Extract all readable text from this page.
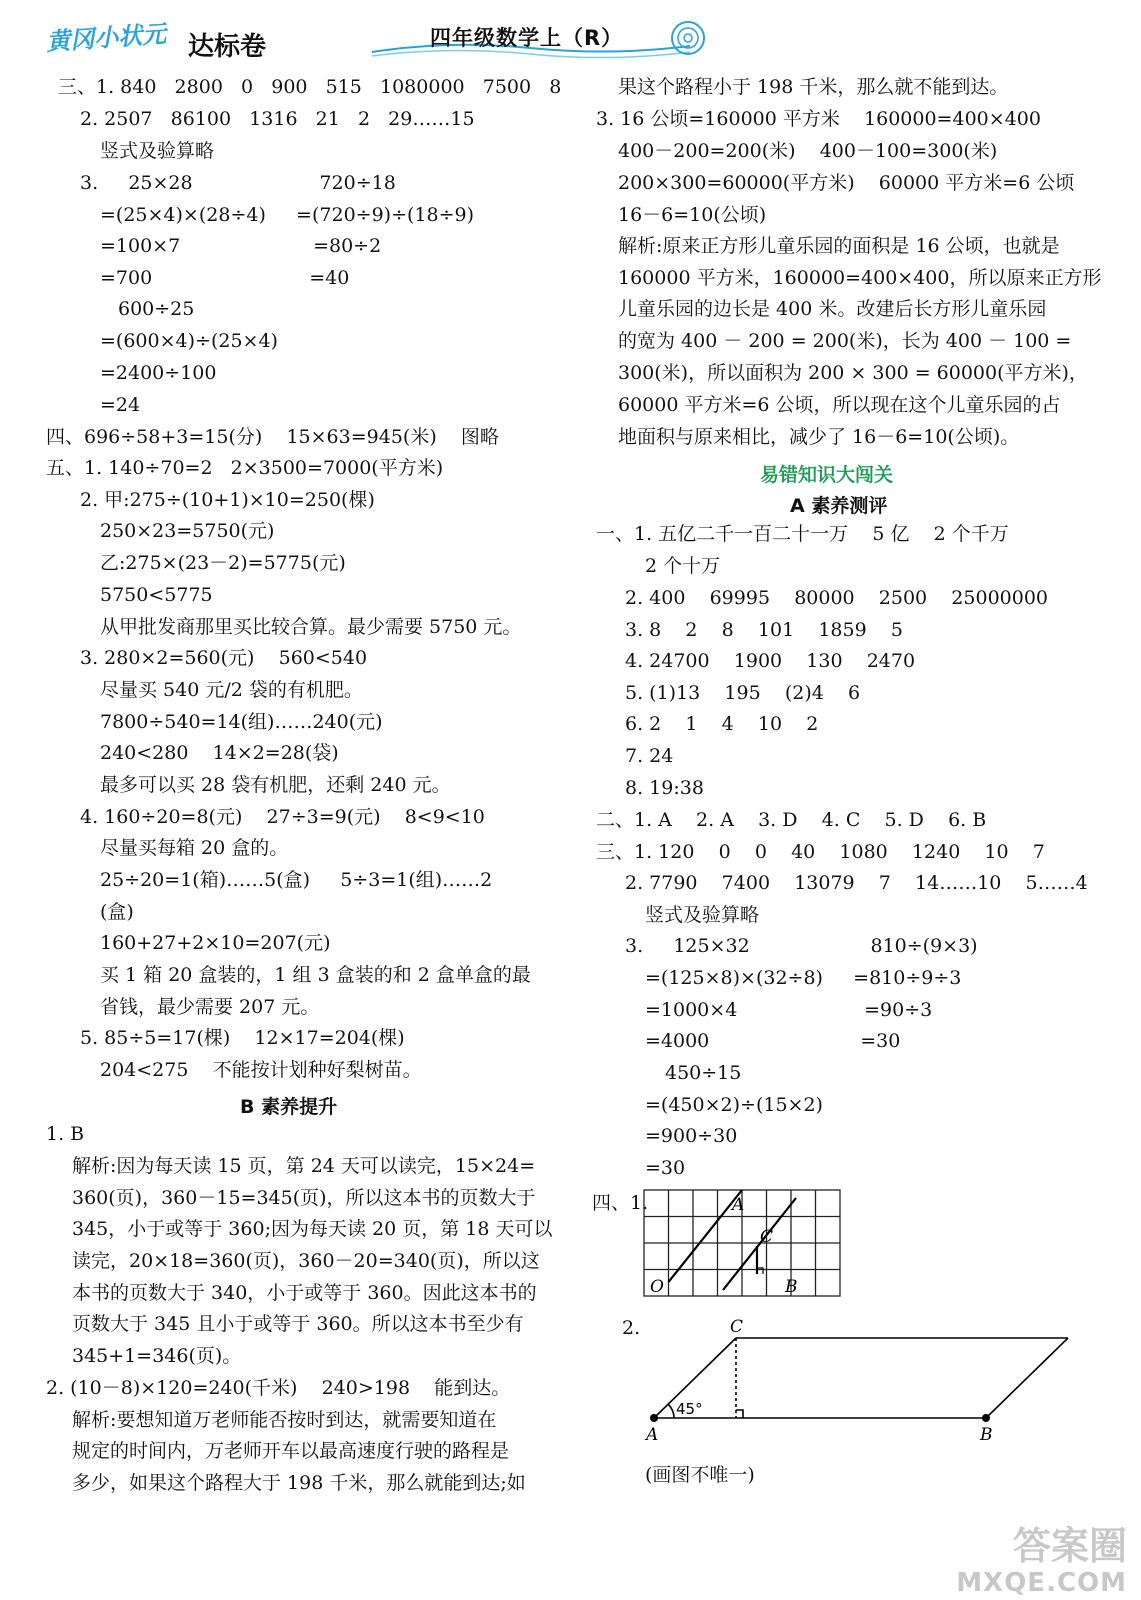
黄冈小状元 达标卷	四年级数学上（R）
三、1. 840   2800   0   900   515   1080000   7500   8
2. 2507   86100   1316   21   2   29……15
竖式及验算略
3.     25×28                     720÷18
=(25×4)×(28÷4)     =(720÷9)÷(18÷9)
=100×7                      =80÷2
=700                          =40
600÷25
=(600×4)÷(25×4)
=2400÷100
=24
四、696÷58+3=15(分)    15×63=945(米)    图略
五、1. 140÷70=2   2×3500=7000(平方米)
2. 甲:275÷(10+1)×10=250(棵)
250×23=5750(元)
乙:275×(23－2)=5775(元)
5750<5775
从甲批发商那里买比较合算。最少需要 5750 元。
3. 280×2=560(元)    560<540
尽量买 540 元/2 袋的有机肥。
7800÷540=14(组)……240(元)
240<280    14×2=28(袋)
最多可以买 28 袋有机肥，还剩 240 元。
4. 160÷20=8(元)    27÷3=9(元)    8<9<10
尽量买每箱 20 盒的。
25÷20=1(箱)……5(盒)     5÷3=1(组)……2
(盒)
160+27+2×10=207(元)
买 1 箱 20 盒装的，1 组 3 盒装的和 2 盒单盒的最
省钱，最少需要 207 元。
5. 85÷5=17(棵)    12×17=204(棵)
204<275    不能按计划种好梨树苗。
B 素养提升
1. B
解析:因为每天读 15 页，第 24 天可以读完，15×24=
360(页)，360－15=345(页)，所以这本书的页数大于
345，小于或等于 360;因为每天读 20 页，第 18 天可以
读完，20×18=360(页)，360－20=340(页)，所以这
本书的页数大于 340，小于或等于 360。因此这本书的
页数大于 345 且小于或等于 360。所以这本书至少有
345+1=346(页)。
2. (10－8)×120=240(千米)    240>198    能到达。
解析:要想知道万老师能否按时到达，就需要知道在
规定的时间内，万老师开车以最高速度行驶的路程是
多少，如果这个路程大于 198 千米，那么就能到达;如
果这个路程小于 198 千米，那么就不能到达。
3. 16 公顷=160000 平方米    160000=400×400
400－200=200(米)    400－100=300(米)
200×300=60000(平方米)    60000 平方米=6 公顷
16－6=10(公顷)
解析:原来正方形儿童乐园的面积是 16 公顷，也就是
160000 平方米，160000=400×400，所以原来正方形
儿童乐园的边长是 400 米。改建后长方形儿童乐园
的宽为 400 － 200 = 200(米)，长为 400 － 100 =
300(米)，所以面积为 200 × 300 = 60000(平方米)，
60000 平方米=6 公顷，所以现在这个儿童乐园的占
地面积与原来相比，减少了 16－6=10(公顷)。
易错知识大闯关
A 素养测评
一、1. 五亿二千一百二十一万    5 亿    2 个千万
2 个十万
2. 400    69995    80000    2500    25000000
3. 8    2    8    101    1859    5
4. 24700    1900    130    2470
5. (1)13    195    (2)4    6
6. 2    1    4    10    2
7. 24
8. 19:38
二、1. A    2. A    3. D    4. C    5. D    6. B
三、1. 120    0    0    40    1080    1240    10    7
2. 7790    7400    13079    7    14……10    5……4
竖式及验算略
3.     125×32                    810÷(9×3)
=(125×8)×(32÷8)     =810÷9÷3
=1000×4                     =90÷3
=4000                         =30
450÷15
=(450×2)÷(15×2)
=900÷30
=30
四、1.
2.
(画图不唯一)
A
C
O	B
C
A	B
45°
答案圈
MXQE.COM
